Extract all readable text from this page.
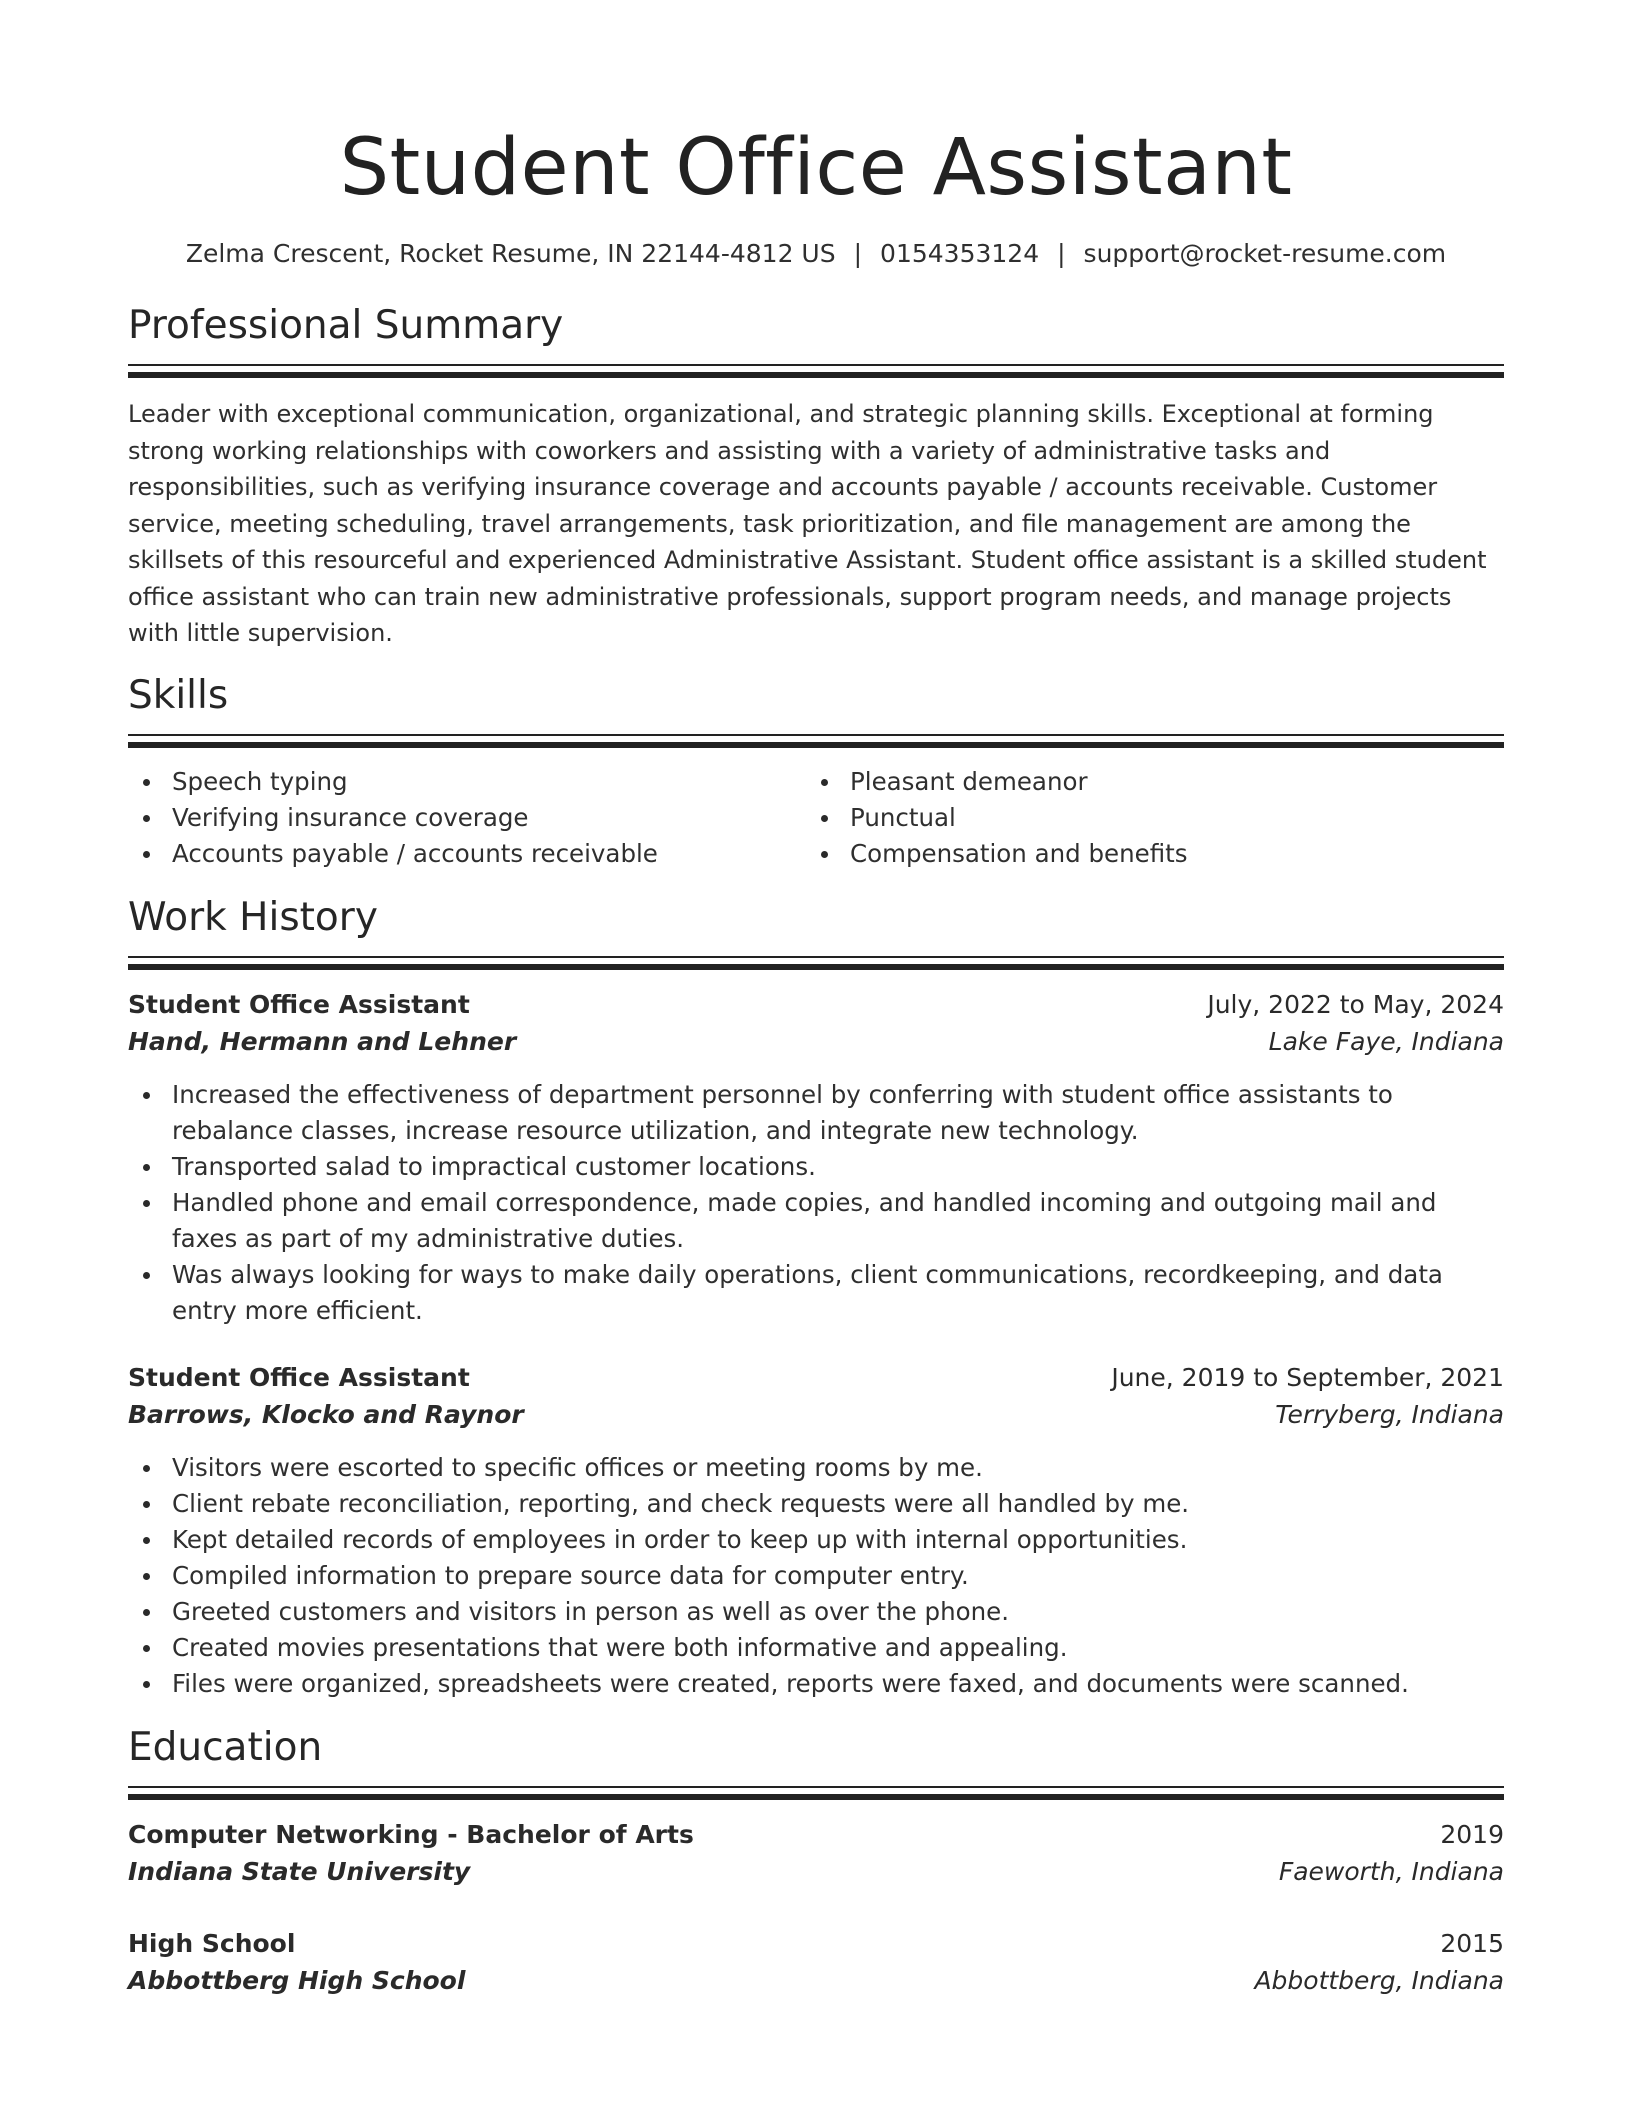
Student Office Assistant
Zelma Crescent, Rocket Resume, IN 22144-4812 US | 0154353124 | support@rocket-resume.com
Professional Summary
Leader with exceptional communication, organizational, and strategic planning skills. Exceptional at forming strong working relationships with coworkers and assisting with a variety of administrative tasks and responsibilities, such as verifying insurance coverage and accounts payable / accounts receivable. Customer service, meeting scheduling, travel arrangements, task prioritization, and file management are among the skillsets of this resourceful and experienced Administrative Assistant. Student office assistant is a skilled student office assistant who can train new administrative professionals, support program needs, and manage projects with little supervision.
Skills
Speech typing
Verifying insurance coverage
Accounts payable / accounts receivable
Pleasant demeanor
Punctual
Compensation and benefits
Work History
Student Office Assistant	July, 2022 to May, 2024
Hand, Hermann and Lehner	Lake Faye, Indiana
Increased the effectiveness of department personnel by conferring with student office assistants to rebalance classes, increase resource utilization, and integrate new technology.
Transported salad to impractical customer locations.
Handled phone and email correspondence, made copies, and handled incoming and outgoing mail and faxes as part of my administrative duties.
Was always looking for ways to make daily operations, client communications, recordkeeping, and data entry more efficient.
Student Office Assistant	June, 2019 to September, 2021
Barrows, Klocko and Raynor	Terryberg, Indiana
Visitors were escorted to specific offices or meeting rooms by me.
Client rebate reconciliation, reporting, and check requests were all handled by me.
Kept detailed records of employees in order to keep up with internal opportunities.
Compiled information to prepare source data for computer entry.
Greeted customers and visitors in person as well as over the phone.
Created movies presentations that were both informative and appealing.
Files were organized, spreadsheets were created, reports were faxed, and documents were scanned.
Education
Computer Networking - Bachelor of Arts	2019
Indiana State University	Faeworth, Indiana
High School	2015
Abbottberg High School	Abbottberg, Indiana
